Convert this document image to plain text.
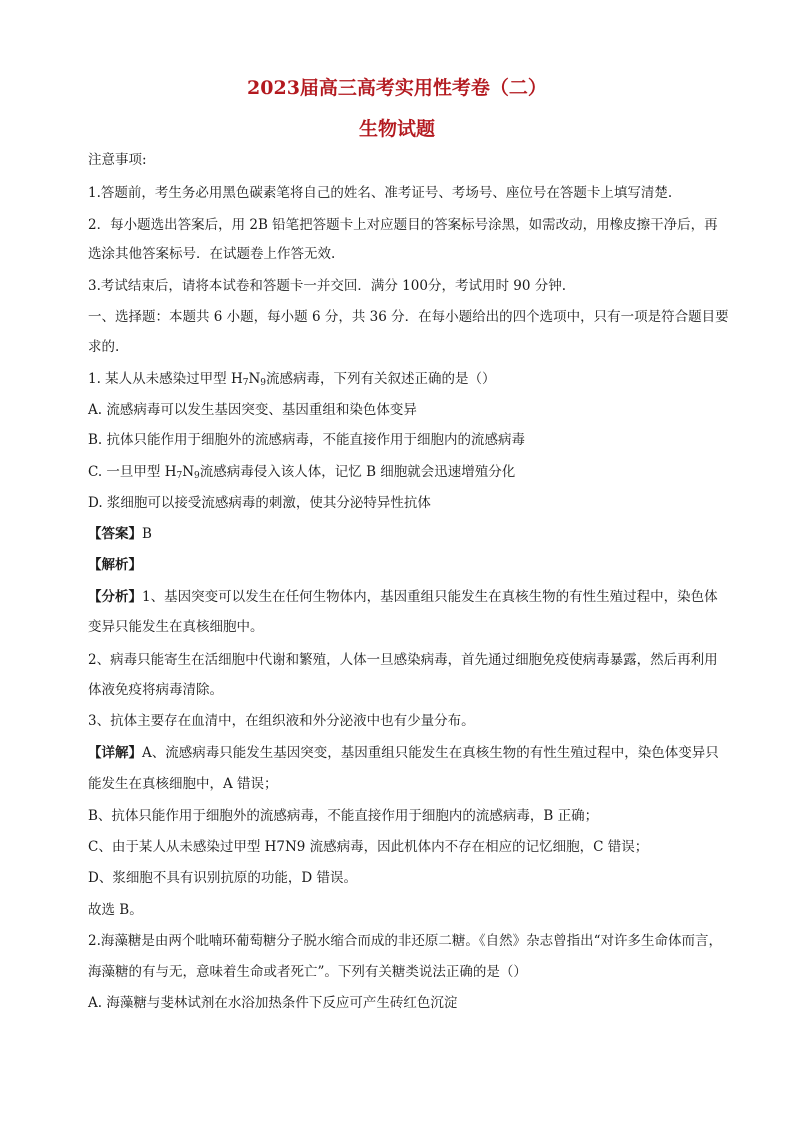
2023届高三高考实用性考卷（二）
生物试题

注意事项:

1.答题前，考生务必用黑色碳素笔将自己的姓名、准考证号、考场号、座位号在答题卡上填写清楚.

2．每小题选出答案后，用 2B 铅笔把答题卡上对应题目的答案标号涂黑，如需改动，用橡皮擦干净后，再

选涂其他答案标号．在试题卷上作答无效.

3.考试结束后，请将本试卷和答题卡一并交回．满分 100分，考试用时 90 分钟.

一、选择题：本题共 6 小题，每小题 6 分，共 36 分．在每小题给出的四个选项中，只有一项是符合题目要

求的.

1. 某人从未感染过甲型 $H_7N_9$流感病毒，下列有关叙述正确的是（）

A. 流感病毒可以发生基因突变、基因重组和染色体变异

B. 抗体只能作用于细胞外的流感病毒，不能直接作用于细胞内的流感病毒

C. 一旦甲型 $H_7N_9$流感病毒侵入该人体，记忆 B 细胞就会迅速增殖分化

D. 浆细胞可以接受流感病毒的刺激，使其分泌特异性抗体

【答案】B

【解析】

【分析】1、基因突变可以发生在任何生物体内，基因重组只能发生在真核生物的有性生殖过程中，染色体

变异只能发生在真核细胞中。

2、病毒只能寄生在活细胞中代谢和繁殖，人体一旦感染病毒，首先通过细胞免疫使病毒暴露，然后再利用

体液免疫将病毒清除。

3、抗体主要存在血清中，在组织液和外分泌液中也有少量分布。

【详解】A、流感病毒只能发生基因突变，基因重组只能发生在真核生物的有性生殖过程中，染色体变异只

能发生在真核细胞中，A 错误；

B、抗体只能作用于细胞外的流感病毒，不能直接作用于细胞内的流感病毒，B 正确；

C、由于某人从未感染过甲型 H7N9 流感病毒，因此机体内不存在相应的记忆细胞，C 错误；

D、浆细胞不具有识别抗原的功能，D 错误。

故选 B。

2.海藻糖是由两个吡喃环葡萄糖分子脱水缩合而成的非还原二糖。《自然》杂志曾指出“对许多生命体而言，

海藻糖的有与无，意味着生命或者死亡”。下列有关糖类说法正确的是（）

A. 海藻糖与斐林试剂在水浴加热条件下反应可产生砖红色沉淀
